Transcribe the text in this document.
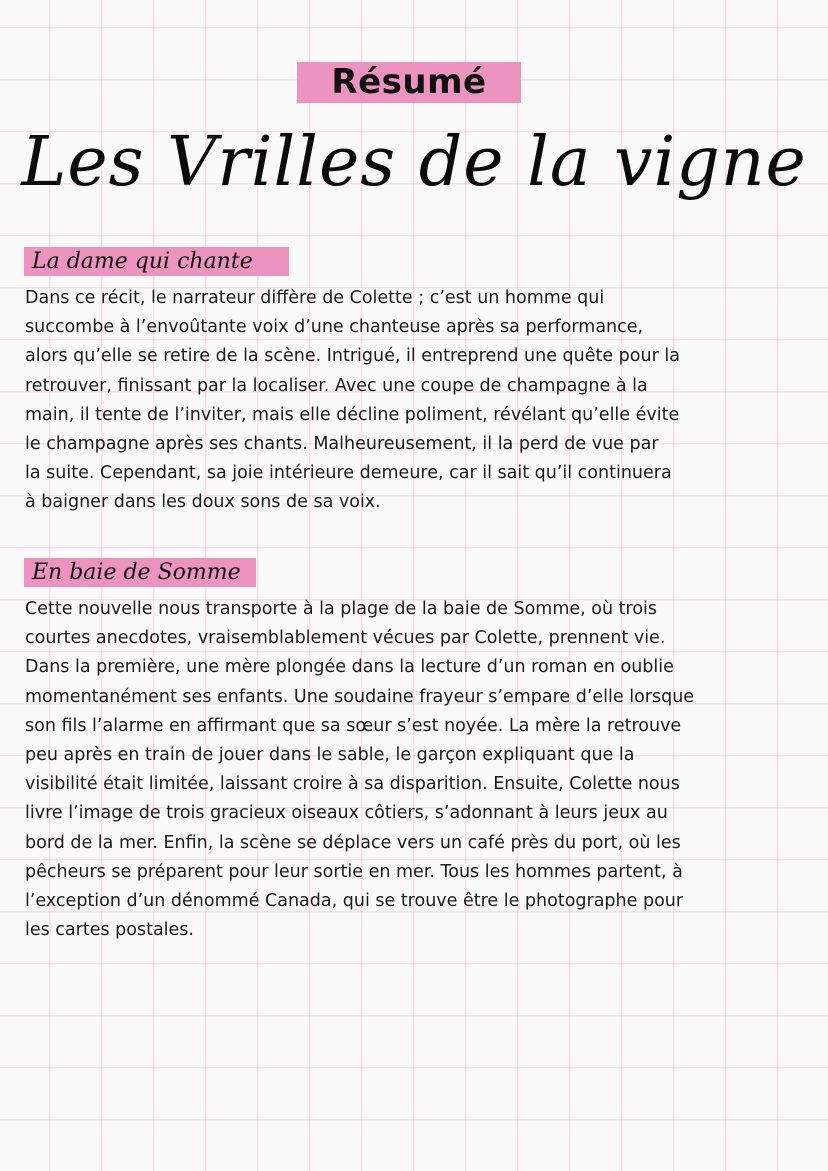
Résumé
Les Vrilles de la vigne
La dame qui chante
Dans ce récit, le narrateur diffère de Colette ; c’est un homme qui
succombe à l’envoûtante voix d’une chanteuse après sa performance,
alors qu’elle se retire de la scène. Intrigué, il entreprend une quête pour la
retrouver, finissant par la localiser. Avec une coupe de champagne à la
main, il tente de l’inviter, mais elle décline poliment, révélant qu’elle évite
le champagne après ses chants. Malheureusement, il la perd de vue par
la suite. Cependant, sa joie intérieure demeure, car il sait qu’il continuera
à baigner dans les doux sons de sa voix.
En baie de Somme
Cette nouvelle nous transporte à la plage de la baie de Somme, où trois
courtes anecdotes, vraisemblablement vécues par Colette, prennent vie.
Dans la première, une mère plongée dans la lecture d’un roman en oublie
momentanément ses enfants. Une soudaine frayeur s’empare d’elle lorsque
son fils l’alarme en affirmant que sa sœur s’est noyée. La mère la retrouve
peu après en train de jouer dans le sable, le garçon expliquant que la
visibilité était limitée, laissant croire à sa disparition. Ensuite, Colette nous
livre l’image de trois gracieux oiseaux côtiers, s’adonnant à leurs jeux au
bord de la mer. Enfin, la scène se déplace vers un café près du port, où les
pêcheurs se préparent pour leur sortie en mer. Tous les hommes partent, à
l’exception d’un dénommé Canada, qui se trouve être le photographe pour
les cartes postales.
